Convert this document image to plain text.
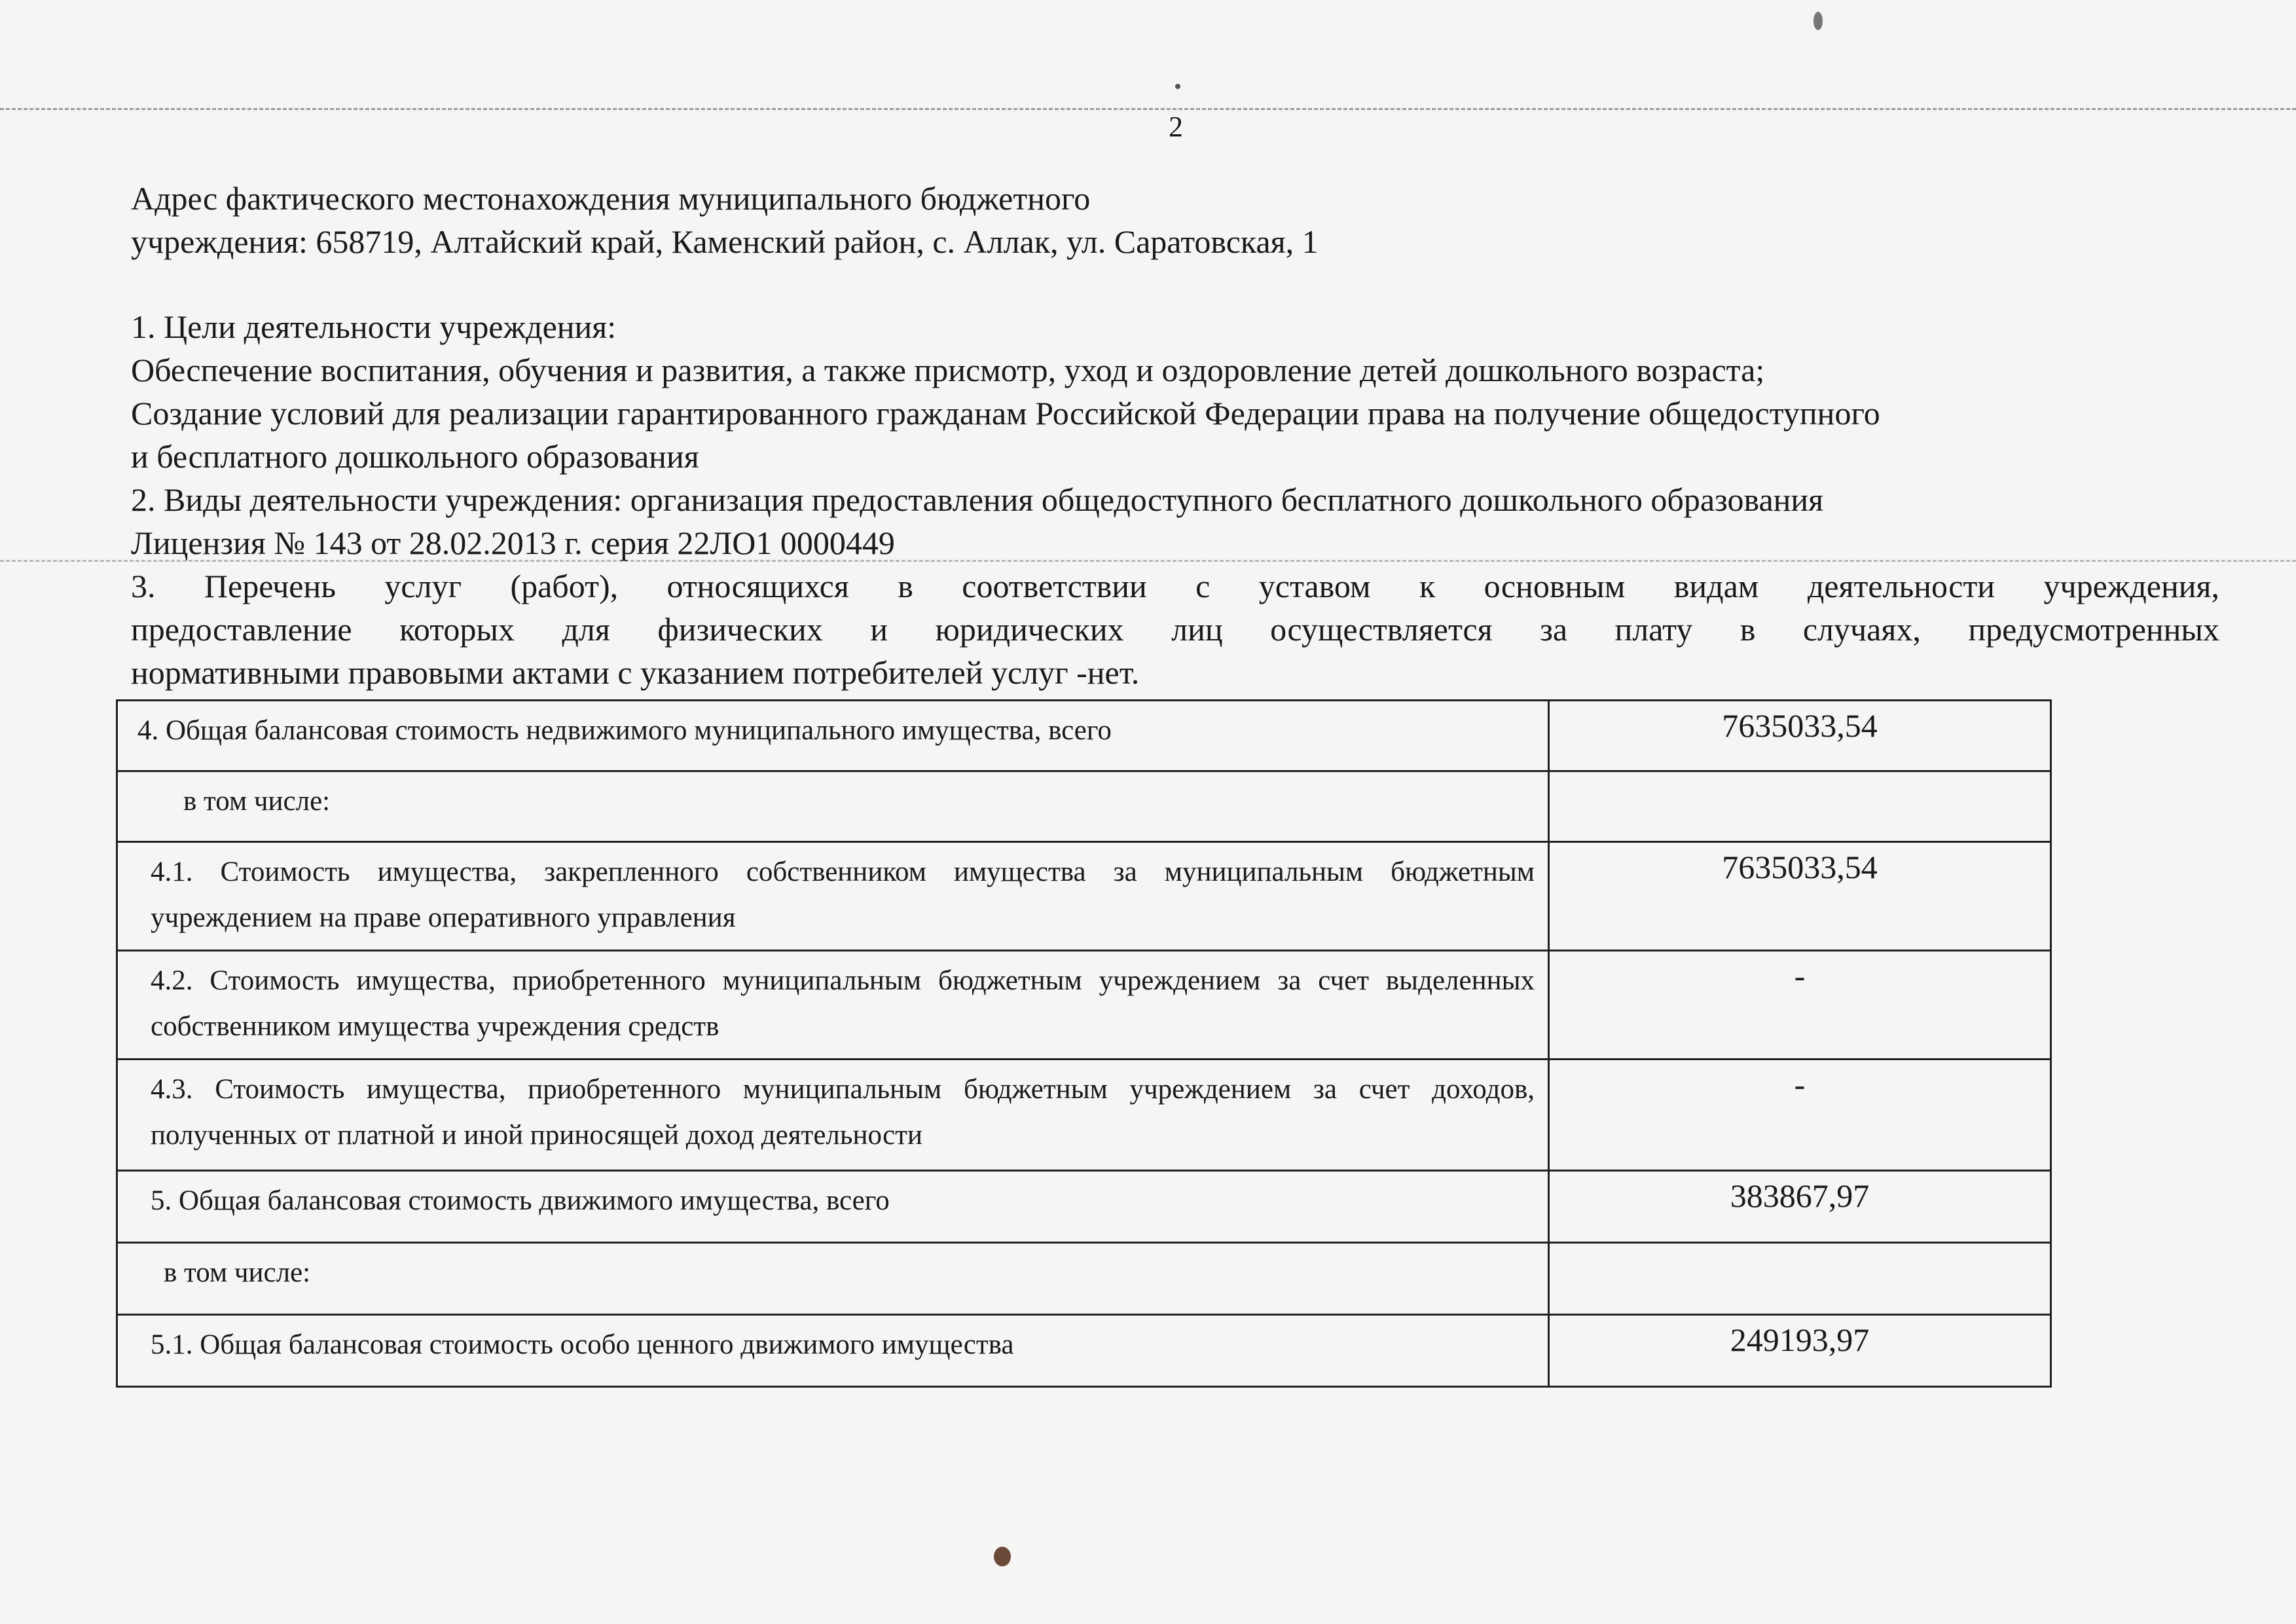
2
Адрес фактического местонахождения муниципального бюджетного
учреждения: 658719, Алтайский край, Каменский район, с. Аллак, ул. Саратовская, 1
1. Цели деятельности учреждения:
Обеспечение воспитания, обучения и развития, а также присмотр, уход и оздоровление детей дошкольного возраста;
Создание условий для реализации гарантированного гражданам Российской Федерации права на получение общедоступного
и бесплатного дошкольного образования
2. Виды деятельности учреждения: организация предоставления общедоступного бесплатного дошкольного образования
Лицензия № 143 от 28.02.2013 г. серия 22ЛО1 0000449
3. Перечень услуг (работ), относящихся в соответствии с уставом к основным видам деятельности учреждения,
предоставление которых для физических и юридических лиц осуществляется за плату в случаях, предусмотренных
нормативными правовыми актами с указанием потребителей услуг -нет.
4. Общая балансовая стоимость недвижимого муниципального имущества, всего	7635033,54
в том числе:	
4.1. Стоимость имущества, закрепленного собственником имущества за муниципальным бюджетным учреждением на праве оперативного управления	7635033,54
4.2. Стоимость имущества, приобретенного муниципальным бюджетным учреждением за счет выделенных собственником имущества учреждения средств	-
4.3. Стоимость имущества, приобретенного муниципальным бюджетным учреждением за счет доходов, полученных от платной и иной приносящей доход деятельности	-
5. Общая балансовая стоимость движимого имущества, всего	383867,97
в том числе:	
5.1. Общая балансовая стоимость особо ценного движимого имущества	249193,97
